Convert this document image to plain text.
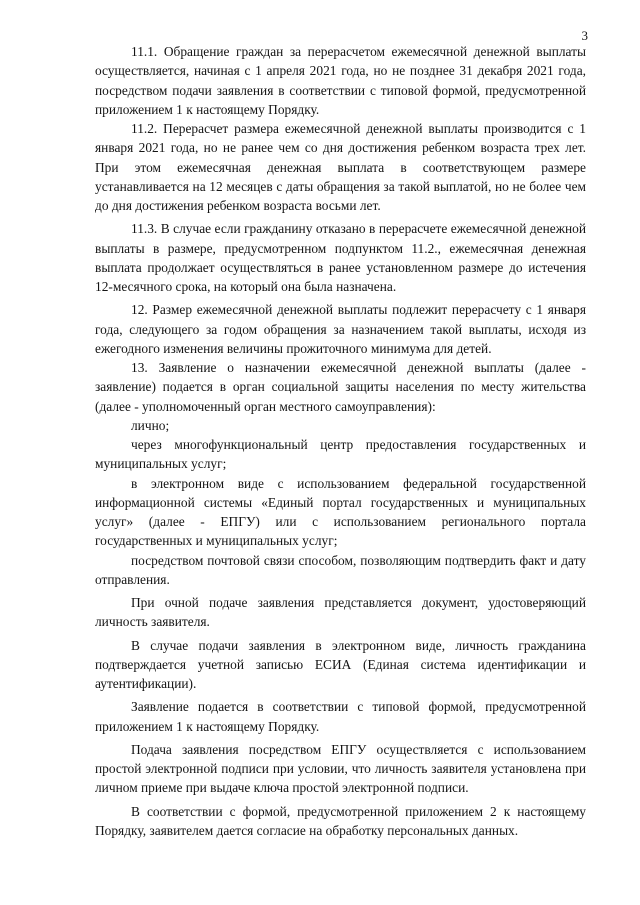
3

11.1. Обращение граждан за перерасчетом ежемесячной денежной выплаты осуществляется, начиная с 1 апреля 2021 года, но не позднее 31 декабря 2021 года, посредством подачи заявления в соответствии с типовой формой, предусмотренной приложением 1 к настоящему Порядку.

11.2. Перерасчет размера ежемесячной денежной выплаты производится с 1 января 2021 года, но не ранее чем со дня достижения ребенком возраста трех лет. При этом ежемесячная денежная выплата в соответствующем размере устанавливается на 12 месяцев с даты обращения за такой выплатой, но не более чем до дня достижения ребенком возраста восьми лет.

11.3. В случае если гражданину отказано в перерасчете ежемесячной денежной выплаты в размере, предусмотренном подпунктом 11.2., ежемесячная денежная выплата продолжает осуществляться в ранее установленном размере до истечения 12-месячного срока, на который она была назначена.

12. Размер ежемесячной денежной выплаты подлежит перерасчету с 1 января года, следующего за годом обращения за назначением такой выплаты, исходя из ежегодного изменения величины прожиточного минимума для детей.

13. Заявление о назначении ежемесячной денежной выплаты (далее - заявление) подается в орган социальной защиты населения по месту жительства (далее - уполномоченный орган местного самоуправления):

лично;

через многофункциональный центр предоставления государственных и муниципальных услуг;

в электронном виде с использованием федеральной государственной информационной системы «Единый портал государственных и муниципальных услуг» (далее - ЕПГУ) или с использованием регионального портала государственных и муниципальных услуг;

посредством почтовой связи способом, позволяющим подтвердить факт и дату отправления.

При очной подаче заявления представляется документ, удостоверяющий личность заявителя.

В случае подачи заявления в электронном виде, личность гражданина подтверждается учетной записью ЕСИА (Единая система идентификации и аутентификации).

Заявление подается в соответствии с типовой формой, предусмотренной приложением 1 к настоящему Порядку.

Подача заявления посредством ЕПГУ осуществляется с использованием простой электронной подписи при условии, что личность заявителя установлена при личном приеме при выдаче ключа простой электронной подписи.

В соответствии с формой, предусмотренной приложением 2 к настоящему Порядку, заявителем дается согласие на обработку персональных данных.
